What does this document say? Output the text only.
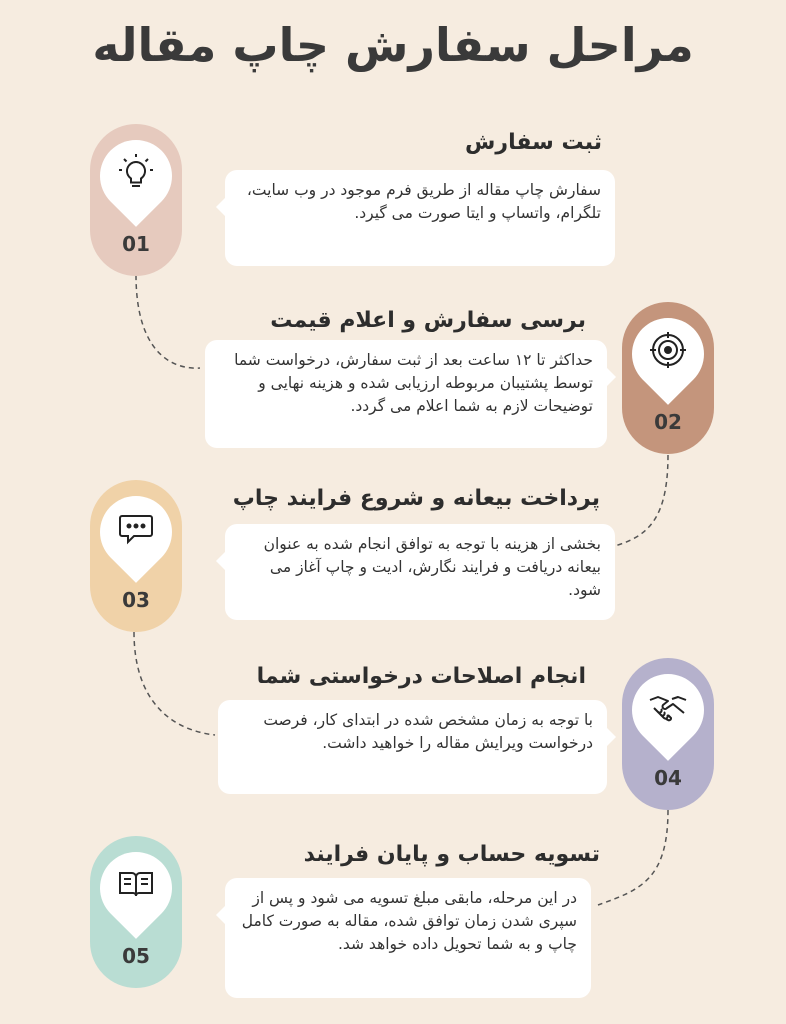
مراحل سفارش چاپ مقاله
01
ثبت سفارش
سفارش چاپ مقاله از طریق فرم موجود در وب سایت، تلگرام، واتساپ و ایتا صورت می گیرد.
02
برسی سفارش و اعلام قیمت
حداکثر تا ۱۲ ساعت بعد از ثبت سفارش، درخواست شما توسط پشتیبان مربوطه ارزیابی شده و هزینه نهایی و توضیحات لازم به شما اعلام می گردد.
03
پرداخت بیعانه و شروع فرایند چاپ
بخشی از هزینه با توجه به توافق انجام شده به عنوان بیعانه دریافت و فرایند نگارش، ادیت و چاپ آغاز می شود.
04
انجام اصلاحات درخواستی شما
با توجه به زمان مشخص شده در ابتدای کار، فرصت درخواست ویرایش مقاله را خواهید داشت.
05
تسویه حساب و پایان فرایند
در این مرحله، مابقی مبلغ تسویه می شود و پس از سپری شدن زمان توافق شده، مقاله به صورت کامل چاپ و به شما تحویل داده خواهد شد.
